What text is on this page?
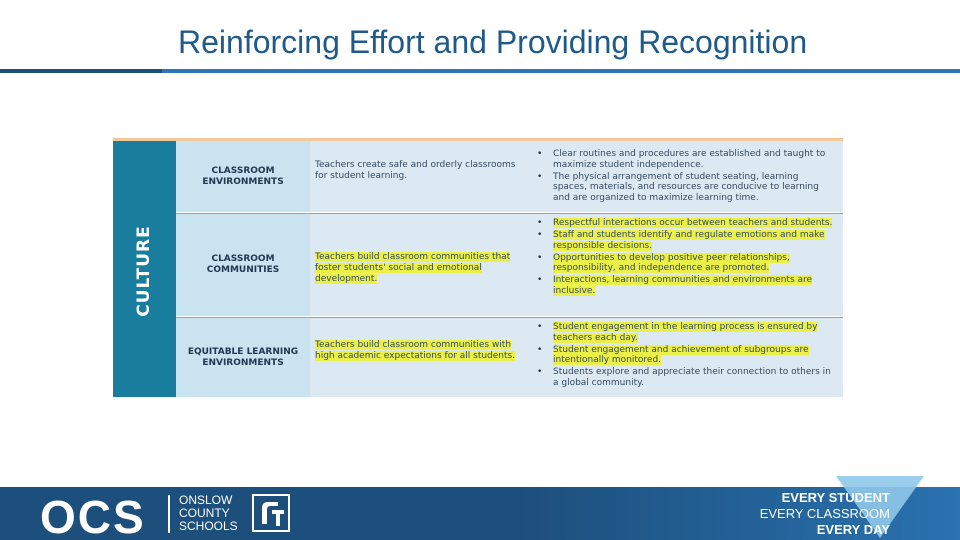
Reinforcing Effort and Providing Recognition
CULTURE
CLASSROOM
ENVIRONMENTS
Teachers create safe and orderly classrooms for student learning.
• Clear routines and procedures are established and taught to maximize student independence.
• The physical arrangement of student seating, learning spaces, materials, and resources are conducive to learning and are organized to maximize learning time.
CLASSROOM
COMMUNITIES
Teachers build classroom communities that foster students' social and emotional development.
• Respectful interactions occur between teachers and students.
• Staff and students identify and regulate emotions and make responsible decisions.
• Opportunities to develop positive peer relationships, responsibility, and independence are promoted.
• Interactions, learning communities and environments are inclusive.
EQUITABLE LEARNING
ENVIRONMENTS
Teachers build classroom communities with high academic expectations for all students.
• Student engagement in the learning process is ensured by teachers each day.
• Student engagement and achievement of subgroups are intentionally monitored.
• Students explore and appreciate their connection to others in a global community.
OCS	ONSLOW
COUNTY
SCHOOLS
EVERY STUDENT
EVERY CLASSROOM
EVERY DAY
